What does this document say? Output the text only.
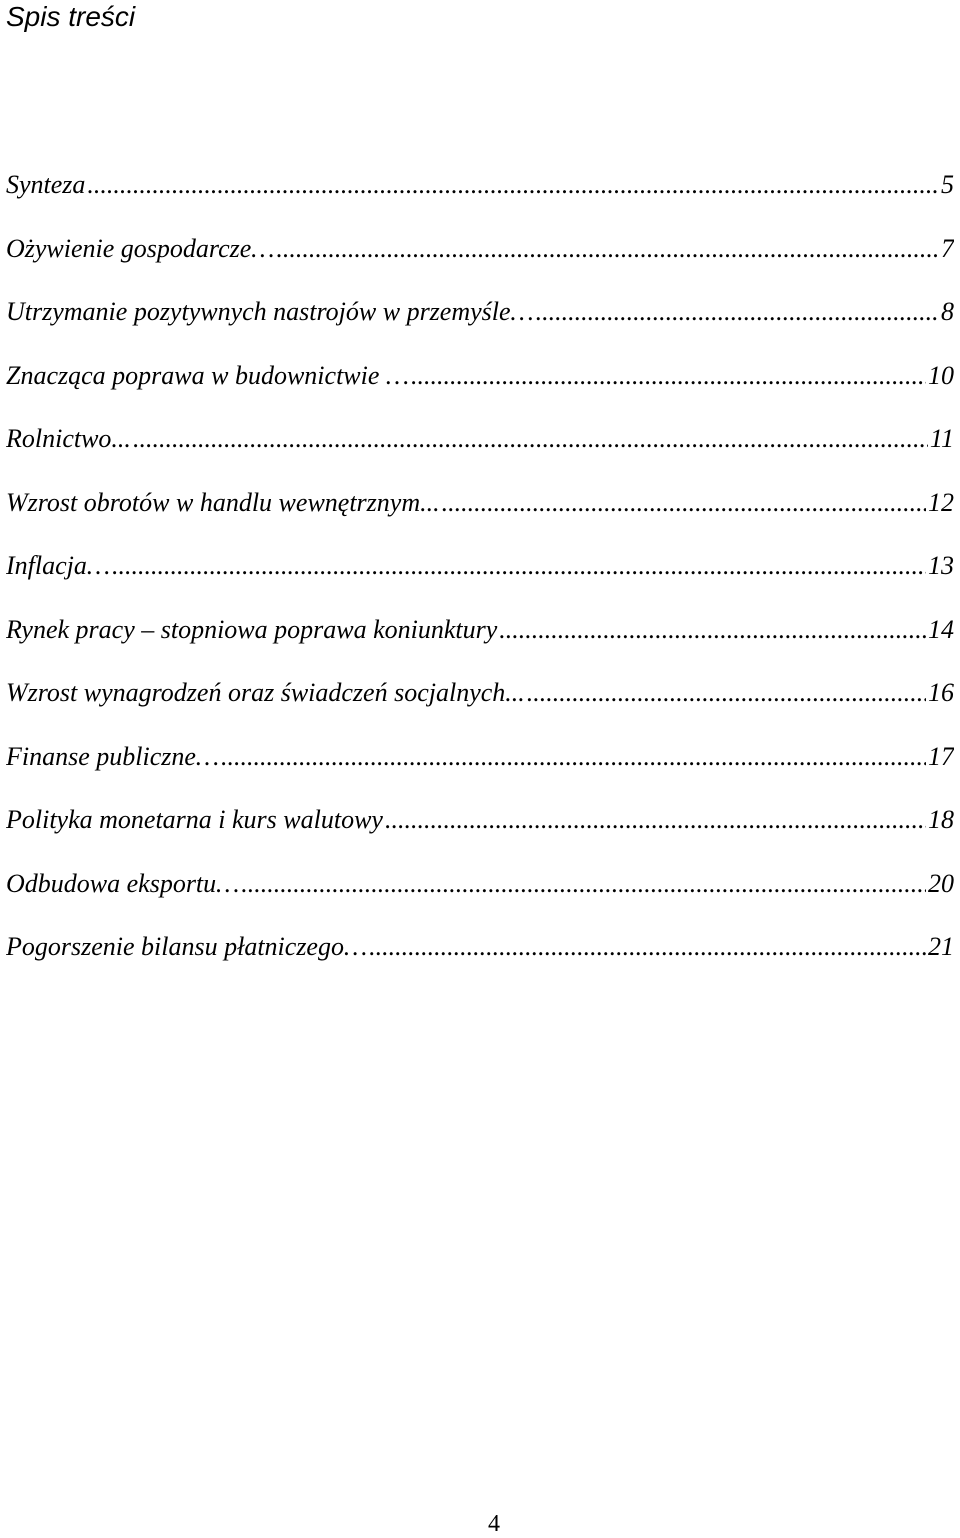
Spis treści
Synteza .....	5
Ożywienie gospodarcze… .....	7
Utrzymanie pozytywnych nastrojów w przemyśle… .....	8
Znacząca poprawa w budownictwie … .....	10
Rolnictwo... .....	11
Wzrost obrotów w handlu wewnętrznym... .....	12
Inflacja… .....	13
Rynek pracy – stopniowa poprawa koniunktury .....	14
Wzrost wynagrodzeń oraz świadczeń socjalnych... .....	16
Finanse publiczne… .....	17
Polityka monetarna i kurs walutowy .....	18
Odbudowa eksportu… .....	20
Pogorszenie bilansu płatniczego… .....	21
4
